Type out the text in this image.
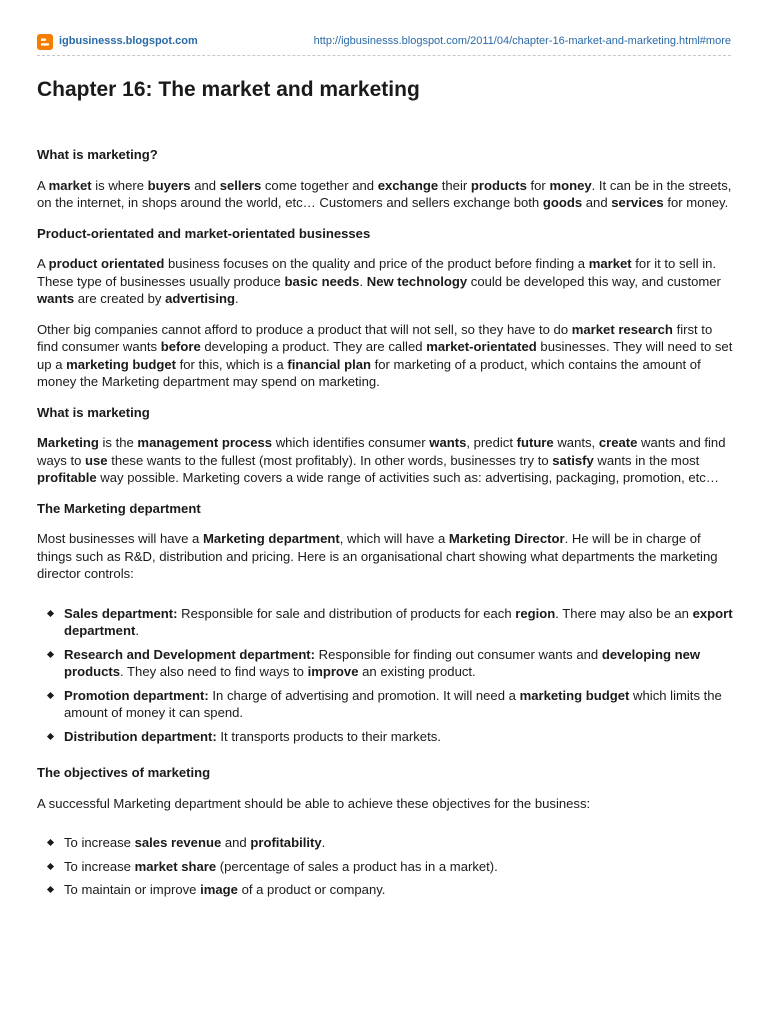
igbusinesss.blogspot.com	http://igbusinesss.blogspot.com/2011/04/chapter-16-market-and-marketing.html#more
Chapter 16: The market and marketing

What is marketing?

A market is where buyers and sellers come together and exchange their products for money. It can be in the streets, on the internet, in shops around the world, etc… Customers and sellers exchange both goods and services for money.

Product-orientated and market-orientated businesses

A product orientated business focuses on the quality and price of the product before finding a market for it to sell in. These type of businesses usually produce basic needs. New technology could be developed this way, and customer wants are created by advertising.

Other big companies cannot afford to produce a product that will not sell, so they have to do market research first to find consumer wants before developing a product. They are called market-orientated businesses. They will need to set up a marketing budget for this, which is a financial plan for marketing of a product, which contains the amount of money the Marketing department may spend on marketing.

What is marketing

Marketing is the management process which identifies consumer wants, predict future wants, create wants and find ways to use these wants to the fullest (most profitably). In other words, businesses try to satisfy wants in the most profitable way possible. Marketing covers a wide range of activities such as: advertising, packaging, promotion, etc…

The Marketing department

Most businesses will have a Marketing department, which will have a Marketing Director. He will be in charge of things such as R&D, distribution and pricing. Here is an organisational chart showing what departments the marketing director controls:

Sales department: Responsible for sale and distribution of products for each region. There may also be an export department.
Research and Development department: Responsible for finding out consumer wants and developing new products. They also need to find ways to improve an existing product.
Promotion department: In charge of advertising and promotion. It will need a marketing budget which limits the amount of money it can spend.
Distribution department: It transports products to their markets.

The objectives of marketing

A successful Marketing department should be able to achieve these objectives for the business:

To increase sales revenue and profitability.
To increase market share (percentage of sales a product has in a market).
To maintain or improve image of a product or company.
